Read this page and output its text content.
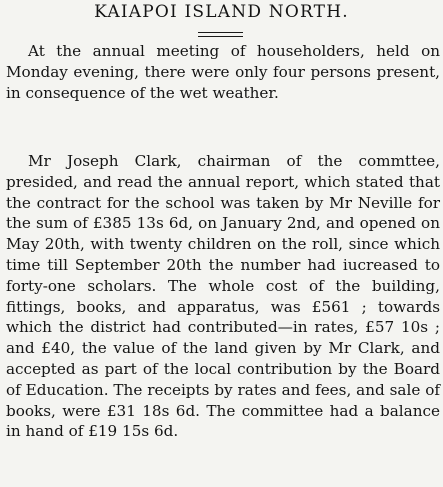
KAIAPOI ISLAND NORTH.

At the annual meeting of householders, held on Monday evening, there were only four persons present, in consequence of the wet weather.

Mr Joseph Clark, chairman of the commttee, presided, and read the annual report, which stated that the contract for the school was taken by Mr Neville for the sum of £385 13s 6d, on January 2nd, and opened on May 20th, with twenty children on the roll, since which time till September 20th the number had iucreased to forty-one scholars. The whole cost of the building, fittings, books, and apparatus, was £561 ; towards which the district had contributed—in rates, £57 10s ; and £40, the value of the land given by Mr Clark, and accepted as part of the local contribution by the Board of Education. The receipts by rates and fees, and sale of books, were £31 18s 6d. The committee had a balance in hand of £19 15s 6d.
